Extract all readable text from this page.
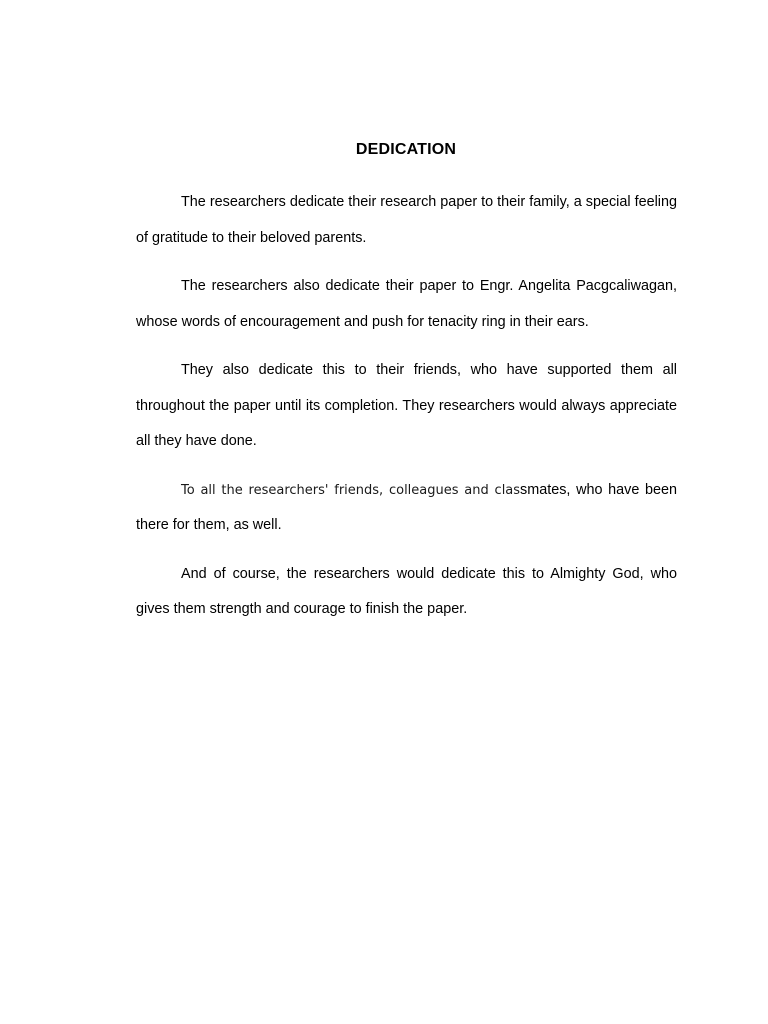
DEDICATION

The researchers dedicate their research paper to their family, a special feeling of gratitude to their beloved parents.

The researchers also dedicate their paper to Engr. Angelita Pacgcaliwagan, whose words of encouragement and push for tenacity ring in their ears.

They also dedicate this to their friends, who have supported them all throughout the paper until its completion. They researchers would always appreciate all they have done.

To all the researchers' friends, colleagues and classmates, who have been there for them, as well.

And of course, the researchers would dedicate this to Almighty God, who gives them strength and courage to finish the paper.
